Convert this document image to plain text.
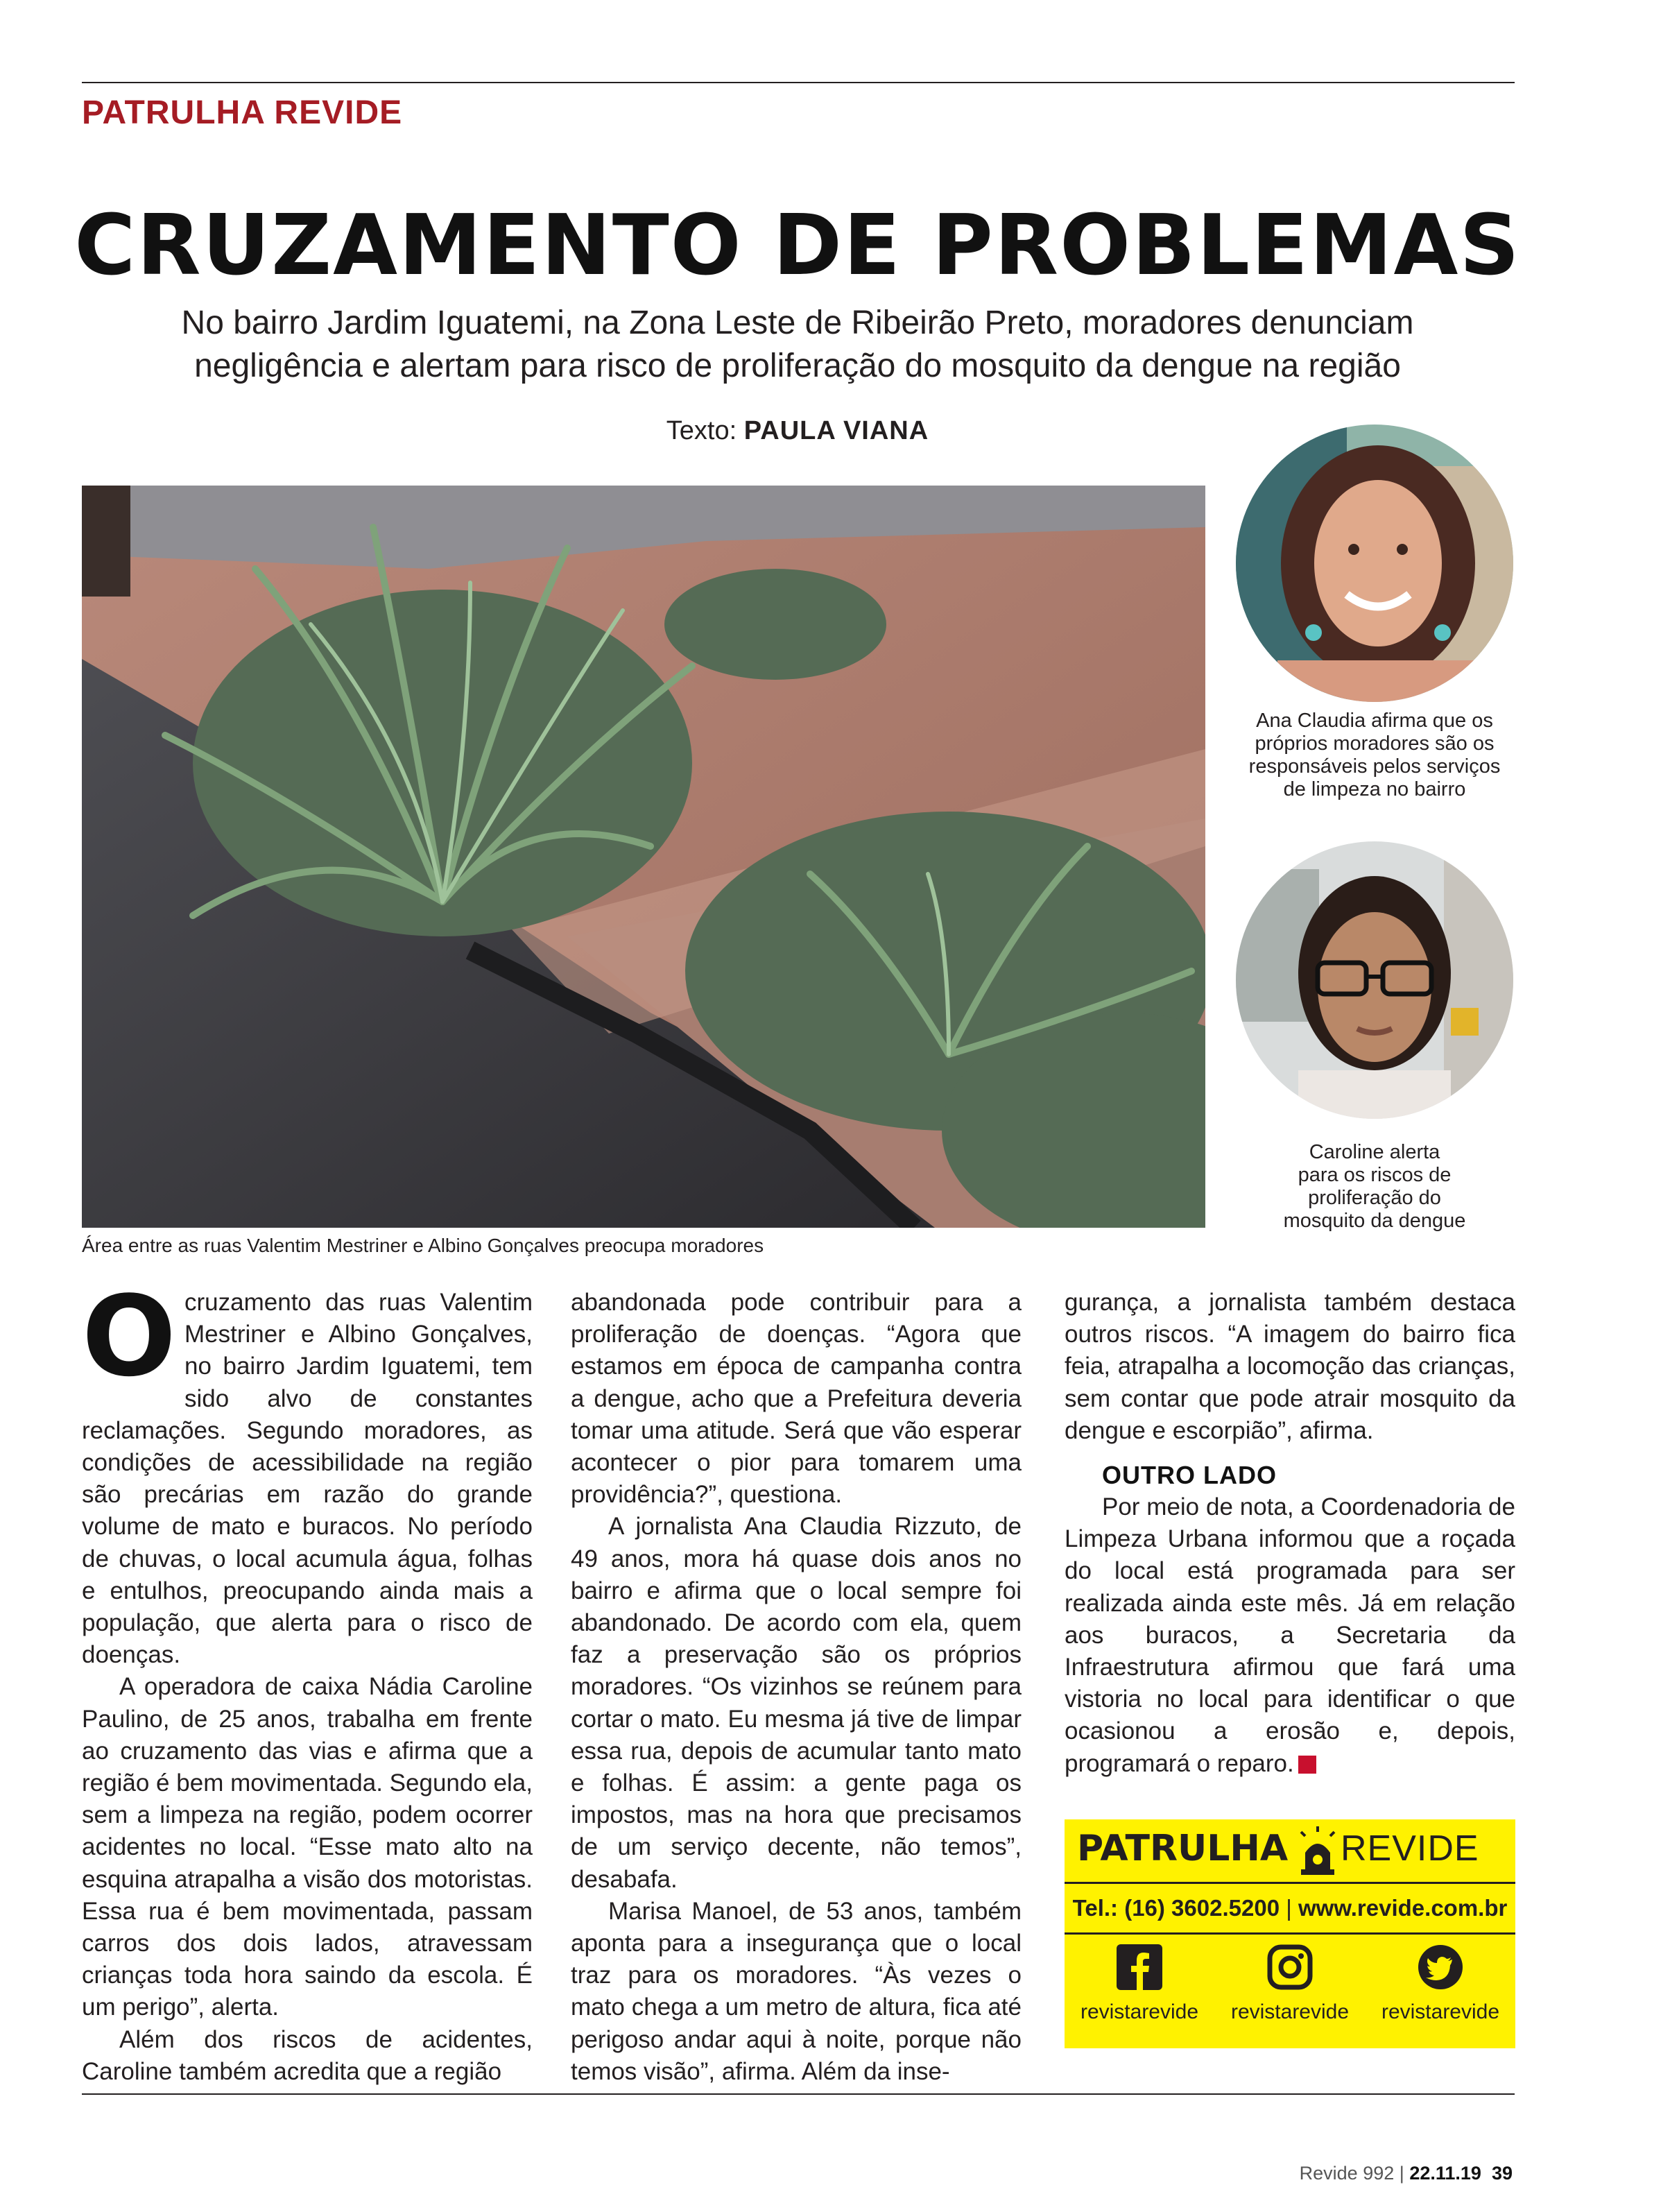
PATRULHA REVIDE
CRUZAMENTO DE PROBLEMAS
No bairro Jardim Iguatemi, na Zona Leste de Ribeirão Preto, moradores denunciam
negligência e alertam para risco de proliferação do mosquito da dengue na região
Texto: PAULA VIANA
Área entre as ruas Valentim Mestriner e Albino Gonçalves preocupa moradores
Ana Claudia afirma que os
próprios moradores são os
responsáveis pelos serviços
de limpeza no bairro
Caroline alerta
para os riscos de
proliferação do
mosquito da dengue

Ocruzamento das ruas Valentim Mestriner e Albino Gonçalves, no bairro Jardim Iguatemi, tem sido alvo de constantes reclamações. Segundo moradores, as condições de acessibilidade na região são precárias em razão do grande volume de mato e buracos. No período de chuvas, o local acumula água, folhas e entulhos, preocupando ainda mais a população, que alerta para o risco de doenças.

A operadora de caixa Nádia Caroline Paulino, de 25 anos, trabalha em frente ao cruzamento das vias e afirma que a região é bem movimentada. Segundo ela, sem a limpeza na região, podem ocorrer acidentes no local. “Esse mato alto na esquina atrapalha a visão dos motoristas. Essa rua é bem movimentada, passam carros dos dois lados, atravessam crianças toda hora saindo da escola. É um perigo”, alerta.

Além dos riscos de acidentes, Caroline também acredita que a região

abandonada pode contribuir para a proliferação de doenças. “Agora que estamos em época de campanha contra a dengue, acho que a Prefeitura deveria tomar uma atitude. Será que vão esperar acontecer o pior para tomarem uma providência?”, questiona.

A jornalista Ana Claudia Rizzuto, de 49 anos, mora há quase dois anos no bairro e afirma que o local sempre foi abandonado. De acordo com ela, quem faz a preservação são os próprios moradores. “Os vizinhos se reúnem para cortar o mato. Eu mesma já tive de limpar essa rua, depois de acumular tanto mato e folhas. É assim: a gente paga os impostos, mas na hora que precisamos de um serviço decente, não temos”, desabafa.

Marisa Manoel, de 53 anos, também aponta para a insegurança que o local traz para os moradores. “Às vezes o mato chega a um metro de altura, fica até perigoso andar aqui à noite, porque não temos visão”, afirma. Além da inse-

gurança, a jornalista também destaca outros riscos. “A imagem do bairro fica feia, atrapalha a locomoção das crianças, sem contar que pode atrair mosquito da dengue e escorpião”, afirma.

OUTRO LADO

Por meio de nota, a Coordenadoria de Limpeza Urbana informou que a roçada do local está programada para ser realizada ainda este mês. Já em relação aos buracos, a Secretaria da Infraestrutura afirmou que fará uma vistoria no local para identificar o que ocasionou a erosão e, depois, programará o reparo.	R

PATRULHA REVIDE
Tel.: (16) 3602.5200 | www.revide.com.br
revistarevide	revistarevide	revistarevide
Revide 992 | 22.11.19 39
